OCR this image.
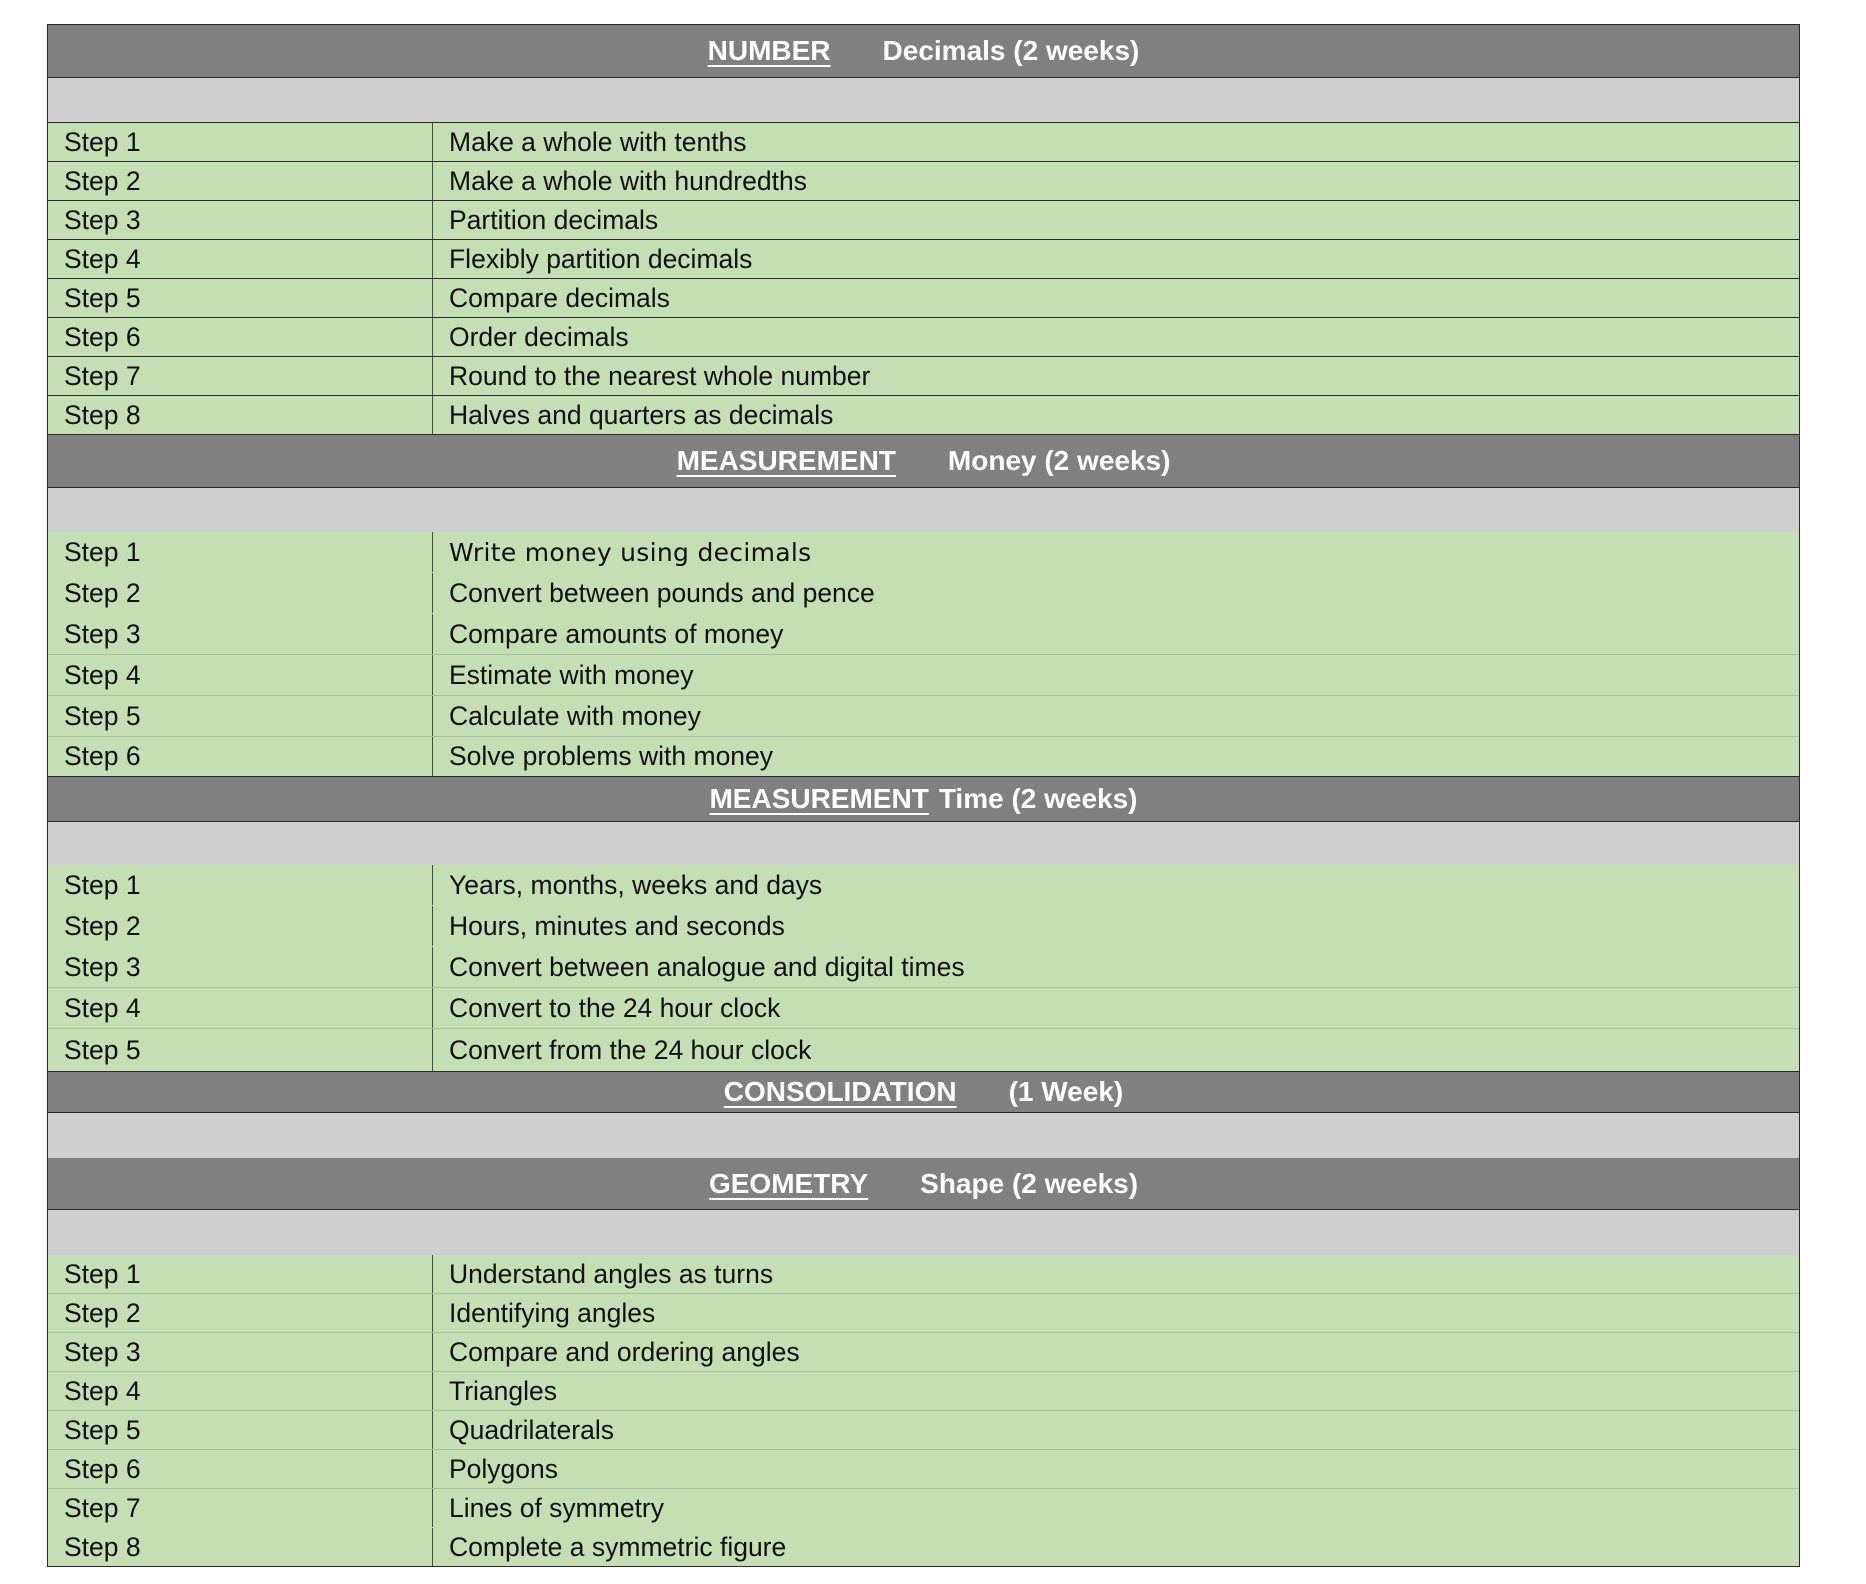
NUMBER Decimals (2 weeks)
Step 1	Make a whole with tenths
Step 2	Make a whole with hundredths
Step 3	Partition decimals
Step 4	Flexibly partition decimals
Step 5	Compare decimals
Step 6	Order decimals
Step 7	Round to the nearest whole number
Step 8	Halves and quarters as decimals
MEASUREMENT Money (2 weeks)
Step 1	Write money using decimals
Step 2	Convert between pounds and pence
Step 3	Compare amounts of money
Step 4	Estimate with money
Step 5	Calculate with money
Step 6	Solve problems with money
MEASUREMENT Time (2 weeks)
Step 1	Years, months, weeks and days
Step 2	Hours, minutes and seconds
Step 3	Convert between analogue and digital times
Step 4	Convert to the 24 hour clock
Step 5	Convert from the 24 hour clock
CONSOLIDATION (1 Week)
GEOMETRY Shape (2 weeks)
Step 1	Understand angles as turns
Step 2	Identifying angles
Step 3	Compare and ordering angles
Step 4	Triangles
Step 5	Quadrilaterals
Step 6	Polygons
Step 7	Lines of symmetry
Step 8	Complete a symmetric figure
